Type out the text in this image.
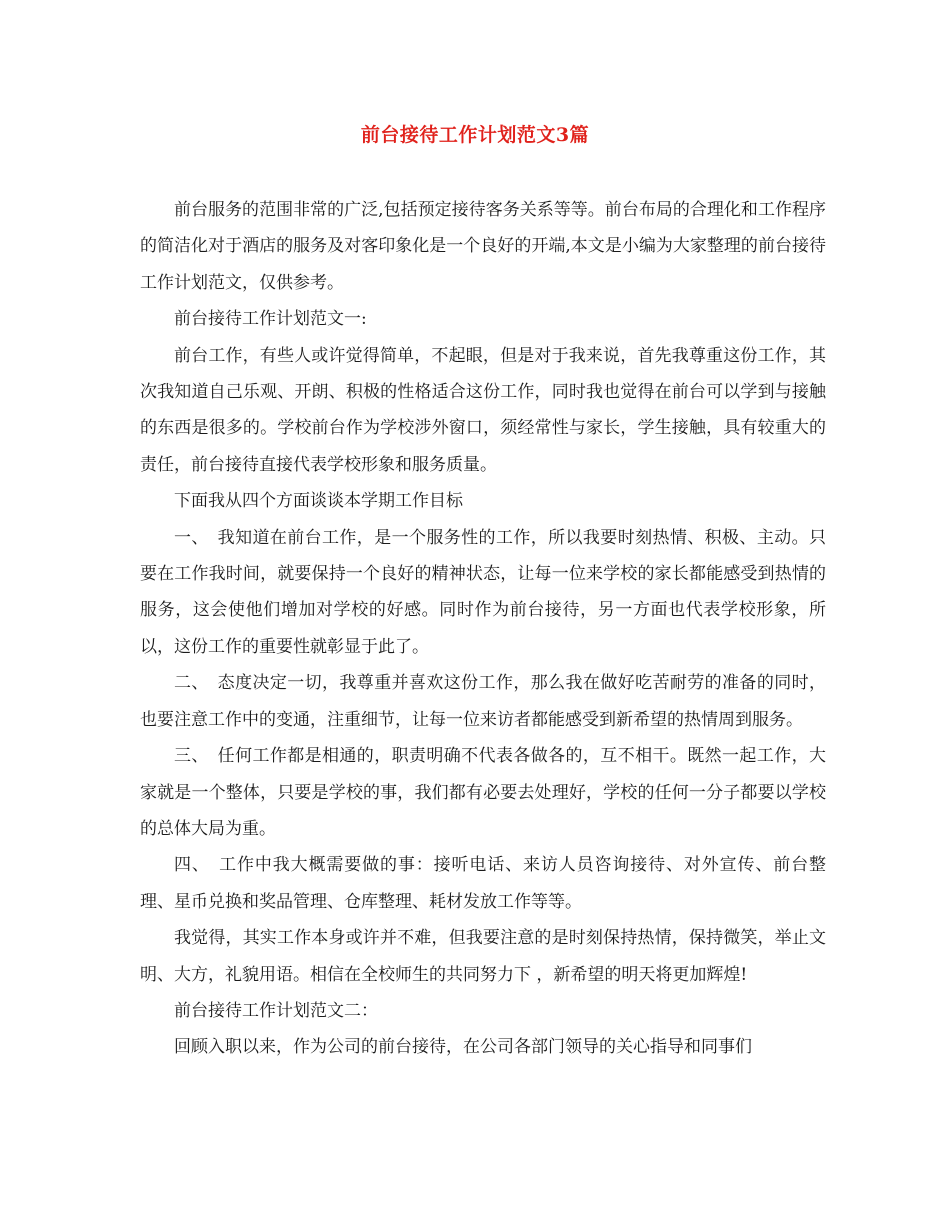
前台接待工作计划范文3篇

前台服务的范围非常的广泛,包括预定接待客务关系等等。前台布局的合理化和工作程序的简洁化对于酒店的服务及对客印象化是一个良好的开端,本文是小编为大家整理的前台接待工作计划范文，仅供参考。

前台接待工作计划范文一:

前台工作，有些人或许觉得简单，不起眼，但是对于我来说，首先我尊重这份工作，其次我知道自己乐观、开朗、积极的性格适合这份工作，同时我也觉得在前台可以学到与接触的东西是很多的。学校前台作为学校涉外窗口，须经常性与家长，学生接触，具有较重大的责任，前台接待直接代表学校形象和服务质量。

下面我从四个方面谈谈本学期工作目标

一、　我知道在前台工作，是一个服务性的工作，所以我要时刻热情、积极、主动。只要在工作我时间，就要保持一个良好的精神状态，让每一位来学校的家长都能感受到热情的服务，这会使他们增加对学校的好感。同时作为前台接待，另一方面也代表学校形象，所以，这份工作的重要性就彰显于此了。

二、　态度决定一切，我尊重并喜欢这份工作，那么我在做好吃苦耐劳的准备的同时，也要注意工作中的变通，注重细节，让每一位来访者都能感受到新希望的热情周到服务。

三、　任何工作都是相通的，职责明确不代表各做各的，互不相干。既然一起工作，大家就是一个整体，只要是学校的事，我们都有必要去处理好，学校的任何一分子都要以学校的总体大局为重。

四、　工作中我大概需要做的事：接听电话、来访人员咨询接待、对外宣传、前台整理、星币兑换和奖品管理、仓库整理、耗材发放工作等等。

我觉得，其实工作本身或许并不难，但我要注意的是时刻保持热情，保持微笑，举止文明、大方，礼貌用语。相信在全校师生的共同努力下 ，新希望的明天将更加辉煌!

前台接待工作计划范文二：

回顾入职以来，作为公司的前台接待，在公司各部门领导的关心指导和同事们
